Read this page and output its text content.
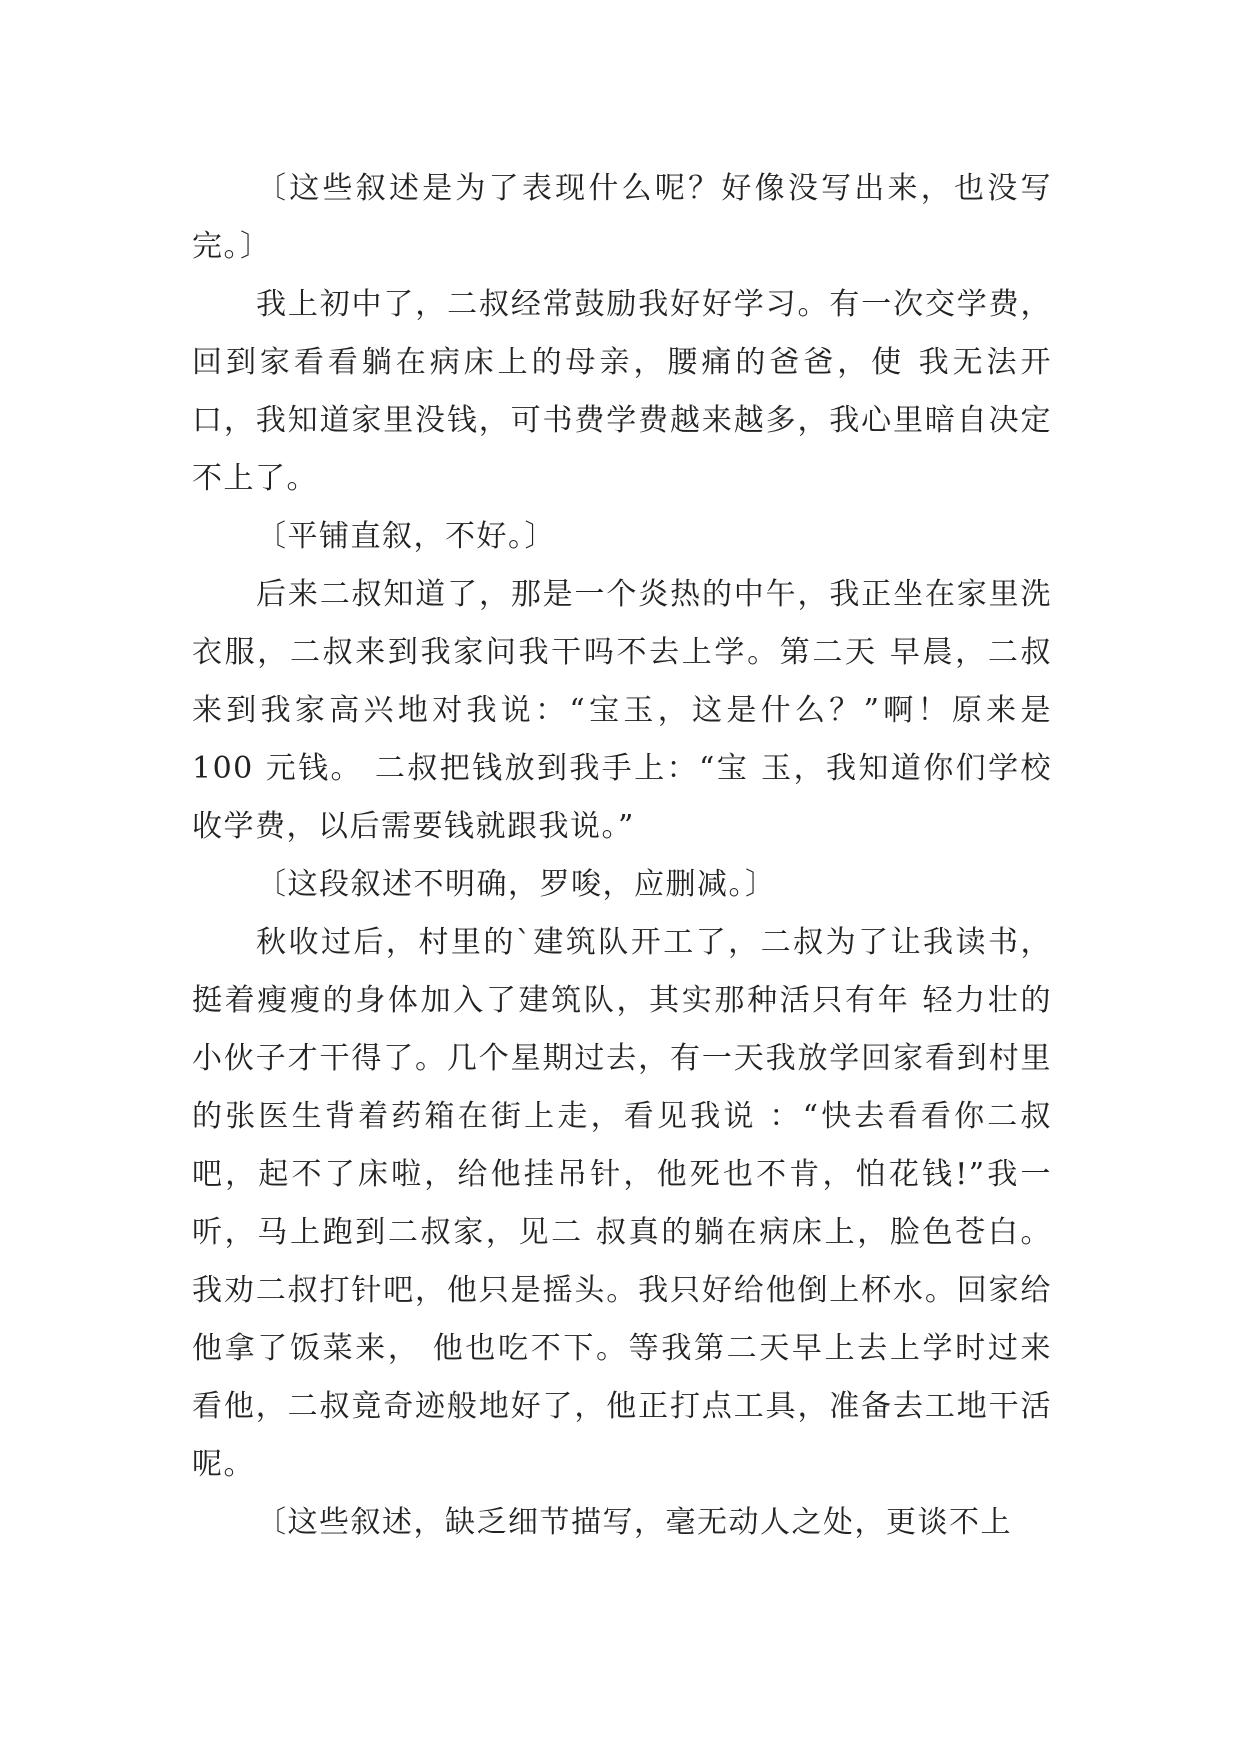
〔这些叙述是为了表现什么呢？好像没写出来，也没写完。〕

我上初中了，二叔经常鼓励我好好学习。有一次交学费，回到家看看躺在病床上的母亲，腰痛的爸爸，使 我无法开口，我知道家里没钱，可书费学费越来越多，我心里暗自决定不上了。

〔平铺直叙，不好。〕

后来二叔知道了，那是一个炎热的中午，我正坐在家里洗衣服，二叔来到我家问我干吗不去上学。第二天 早晨，二叔来到我家高兴地对我说：“宝玉，这是什么？”啊！原来是 100 元钱。 二叔把钱放到我手上：“宝 玉，我知道你们学校收学费，以后需要钱就跟我说。”

〔这段叙述不明确，罗唆，应删减。〕

秋收过后，村里的`建筑队开工了，二叔为了让我读书，挺着瘦瘦的身体加入了建筑队，其实那种活只有年 轻力壮的小伙子才干得了。几个星期过去，有一天我放学回家看到村里的张医生背着药箱在街上走，看见我说 ：“快去看看你二叔吧，起不了床啦，给他挂吊针，他死也不肯，怕花钱!”我一听，马上跑到二叔家，见二 叔真的躺在病床上，脸色苍白。我劝二叔打针吧，他只是摇头。我只好给他倒上杯水。回家给他拿了饭菜来， 他也吃不下。等我第二天早上去上学时过来看他，二叔竟奇迹般地好了，他正打点工具，准备去工地干活呢。

〔这些叙述，缺乏细节描写，毫无动人之处，更谈不上
